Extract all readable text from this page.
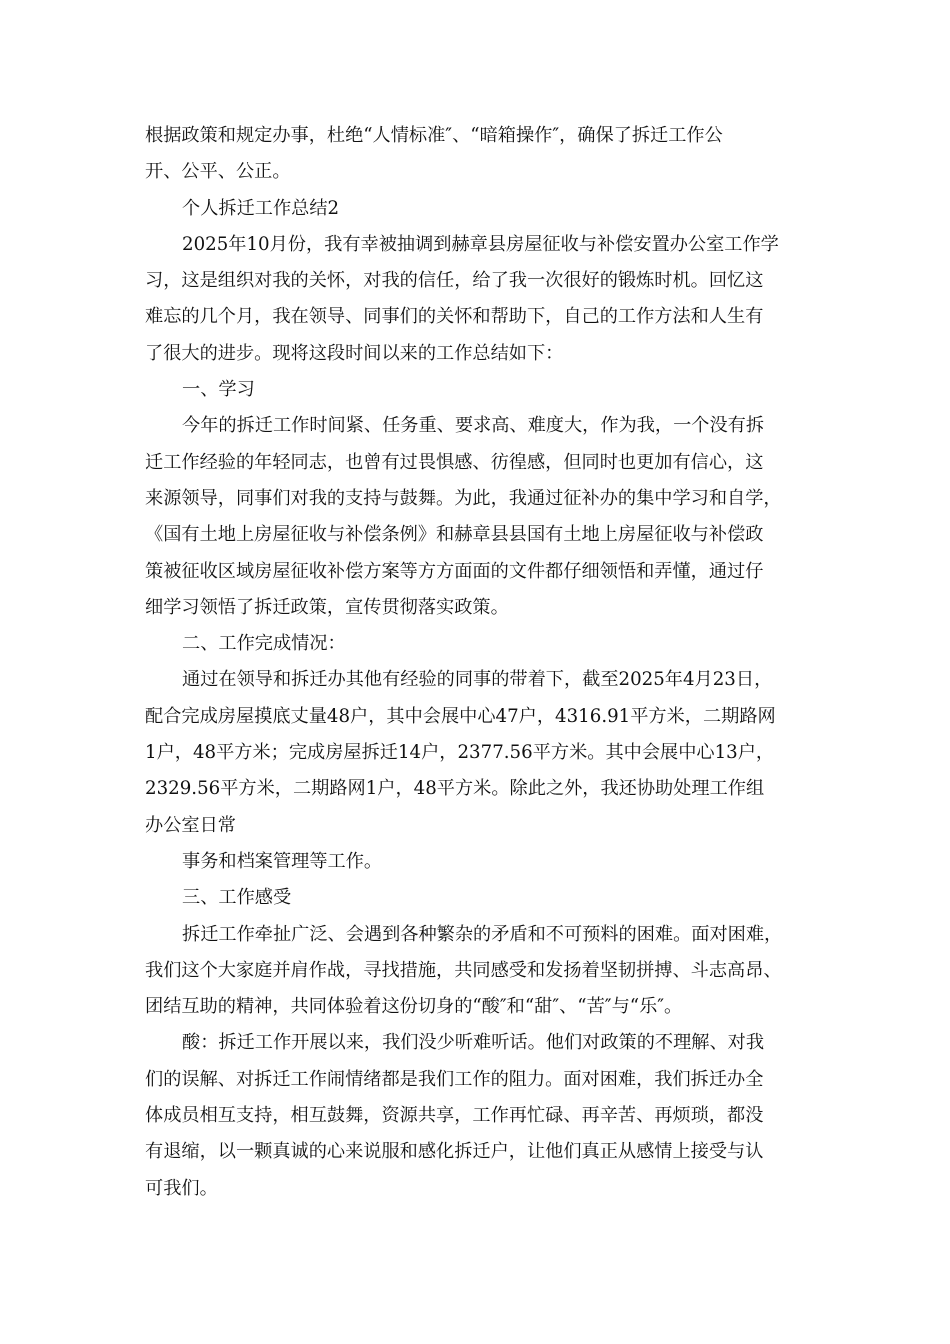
根据政策和规定办事，杜绝“人情标准″、“暗箱操作″，确保了拆迁工作公
开、公平、公正。
个人拆迁工作总结2
2025年10月份，我有幸被抽调到赫章县房屋征收与补偿安置办公室工作学
习，这是组织对我的关怀，对我的信任，给了我一次很好的锻炼时机。回忆这
难忘的几个月，我在领导、同事们的关怀和帮助下，自己的工作方法和人生有
了很大的进步。现将这段时间以来的工作总结如下：
一、学习
今年的拆迁工作时间紧、任务重、要求高、难度大，作为我，一个没有拆
迁工作经验的年轻同志，也曾有过畏惧感、彷徨感，但同时也更加有信心，这
来源领导，同事们对我的支持与鼓舞。为此，我通过征补办的集中学习和自学，
《国有土地上房屋征收与补偿条例》和赫章县县国有土地上房屋征收与补偿政
策被征收区域房屋征收补偿方案等方方面面的文件都仔细领悟和弄懂，通过仔
细学习领悟了拆迁政策，宣传贯彻落实政策。
二、工作完成情况：
通过在领导和拆迁办其他有经验的同事的带着下，截至2025年4月23日，
配合完成房屋摸底丈量48户，其中会展中心47户，4316.91平方米，二期路网
1户，48平方米；完成房屋拆迁14户，2377.56平方米。其中会展中心13户，
2329.56平方米，二期路网1户，48平方米。除此之外，我还协助处理工作组
办公室日常
事务和档案管理等工作。
三、工作感受
拆迁工作牵扯广泛、会遇到各种繁杂的矛盾和不可预料的困难。面对困难，
我们这个大家庭并肩作战，寻找措施，共同感受和发扬着坚韧拼搏、斗志高昂、
团结互助的精神，共同体验着这份切身的“酸″和“甜″、“苦″与“乐″。
酸：拆迁工作开展以来，我们没少听难听话。他们对政策的不理解、对我
们的误解、对拆迁工作闹情绪都是我们工作的阻力。面对困难，我们拆迁办全
体成员相互支持，相互鼓舞，资源共享，工作再忙碌、再辛苦、再烦琐，都没
有退缩，以一颗真诚的心来说服和感化拆迁户，让他们真正从感情上接受与认
可我们。
